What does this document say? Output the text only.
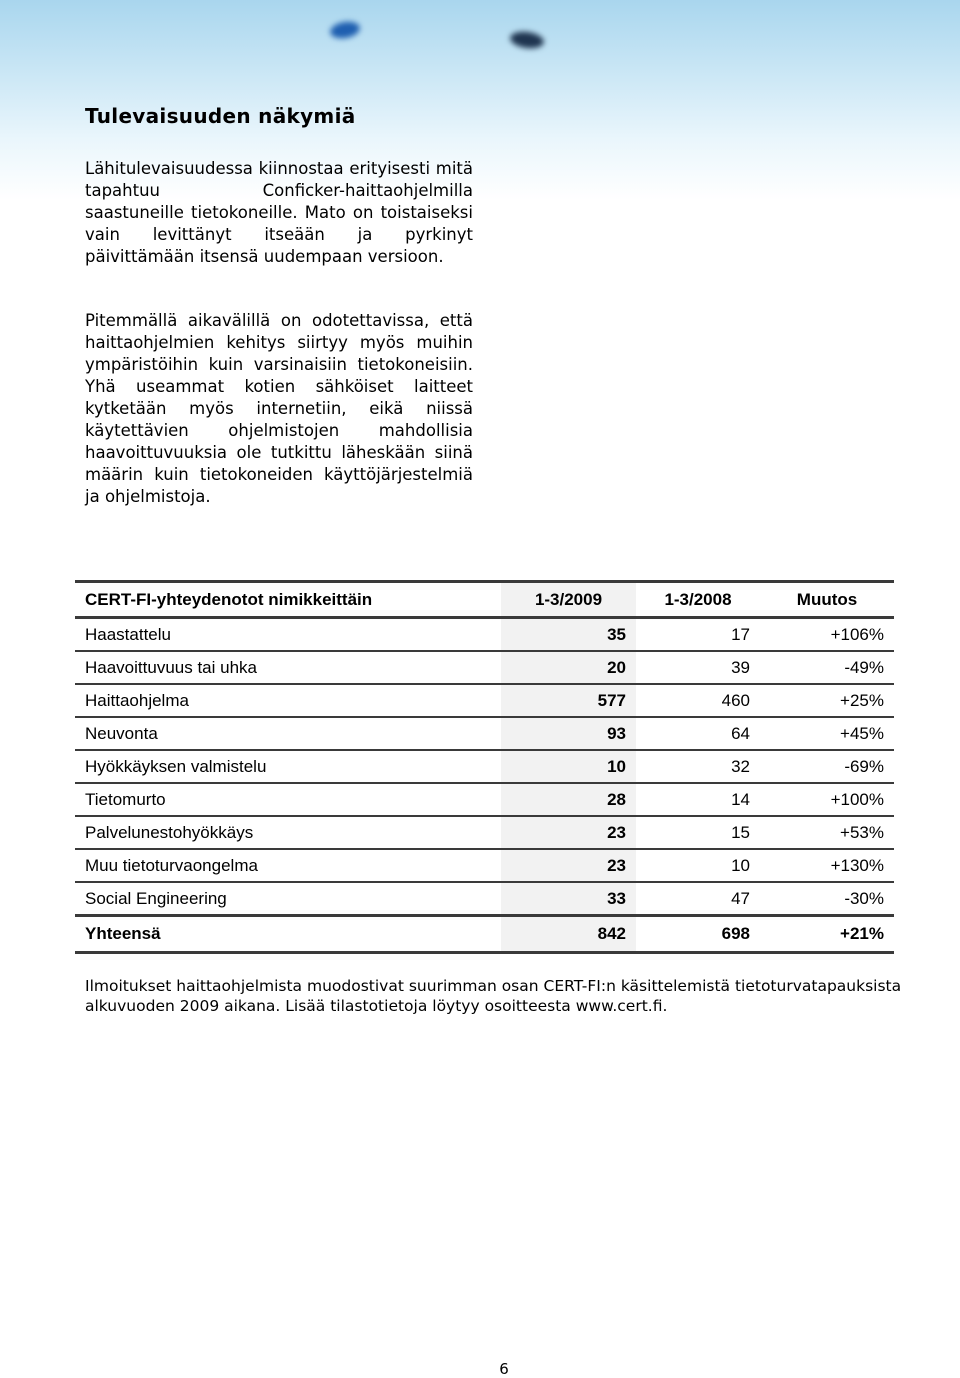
Tulevaisuuden näkymiä

Lähitulevaisuudessa kiinnostaa erityisesti mitä tapahtuu Conficker-haittaohjelmilla saastuneille tietokoneille. Mato on toistaiseksi vain levittänyt itseään ja pyrkinyt päivittämään itsensä uudempaan versioon.

Pitemmällä aikavälillä on odotettavissa, että haittaohjelmien kehitys siirtyy myös muihin ympäristöihin kuin varsinaisiin tietokoneisiin. Yhä useammat kotien sähköiset laitteet kytketään myös internetiin, eikä niissä käytettävien ohjelmistojen mahdollisia haavoittuvuuksia ole tutkittu läheskään siinä määrin kuin tietokoneiden käyttöjärjestelmiä ja ohjelmistoja.

CERT-FI-yhteydenotot nimikkeittäin	1-3/2009	1-3/2008	Muutos
Haastattelu	35	17	+106%
Haavoittuvuus tai uhka	20	39	-49%
Haittaohjelma	577	460	+25%
Neuvonta	93	64	+45%
Hyökkäyksen valmistelu	10	32	-69%
Tietomurto	28	14	+100%
Palvelunestohyökkäys	23	15	+53%
Muu tietoturvaongelma	23	10	+130%
Social Engineering	33	47	-30%
Yhteensä	842	698	+21%

Ilmoitukset haittaohjelmista muodostivat suurimman osan CERT-FI:n käsittelemistä tietoturvatapauksista alkuvuoden 2009 aikana. Lisää tilastotietoja löytyy osoitteesta www.cert.fi.

6
